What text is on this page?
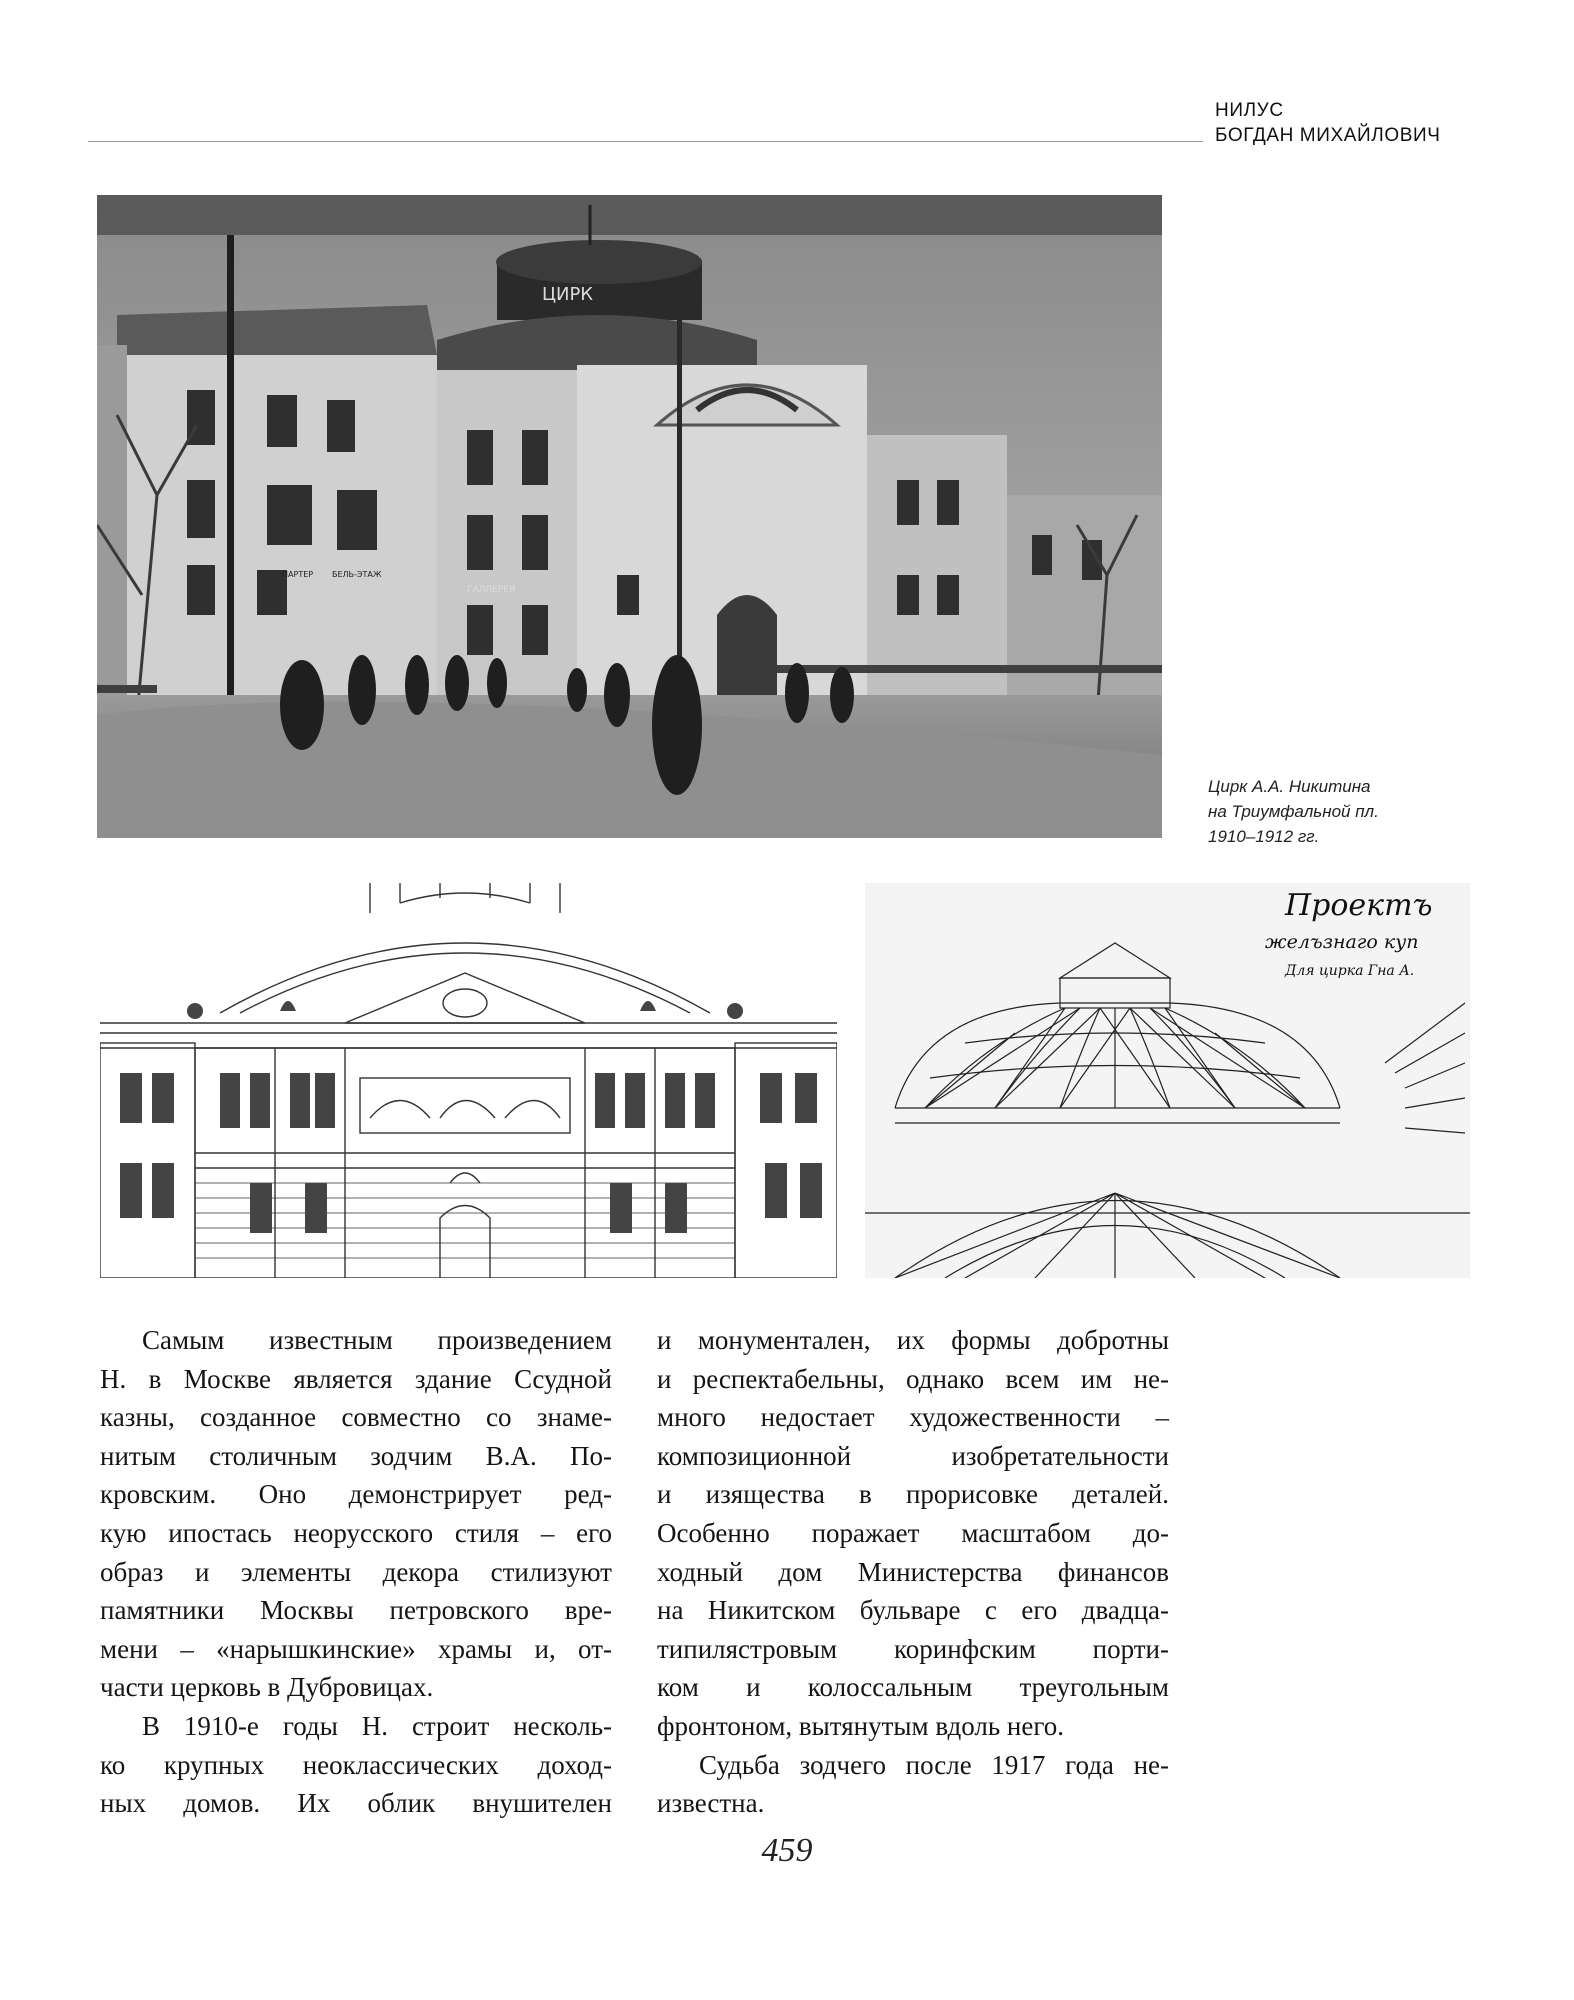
НИЛУС
БОГДАН МИХАЙЛОВИЧ
ЦИРК
ПАРТЕР БЕЛЬ-ЭТАЖ
ГАЛЛЕРЕЯ
Цирк А.А. Никитина
на Триумфальной пл.
1910–1912 гг.
Проектъ
желъзнаго куп
Для цирка Гна А.
Самым известным произведением
Н. в Москве является здание Ссудной
казны, созданное совместно со знаме-
нитым столичным зодчим В.А. По-
кровским. Оно демонстрирует ред-
кую ипостась неорусского стиля – его
образ и элементы декора стилизуют
памятники Москвы петровского вре-
мени – «нарышкинские» храмы и, от-
части церковь в Дубровицах.
В 1910-е годы Н. строит несколь-
ко крупных неоклассических доход-
ных домов. Их облик внушителен
и монументален, их формы добротны
и респектабельны, однако всем им не-
много недостает художественности –
композиционной изобретательности
и изящества в прорисовке деталей.
Особенно поражает масштабом до-
ходный дом Министерства финансов
на Никитском бульваре с его двадца-
типилястровым коринфским порти-
ком и колоссальным треугольным
фронтоном, вытянутым вдоль него.
Судьба зодчего после 1917 года не-
известна.
459
